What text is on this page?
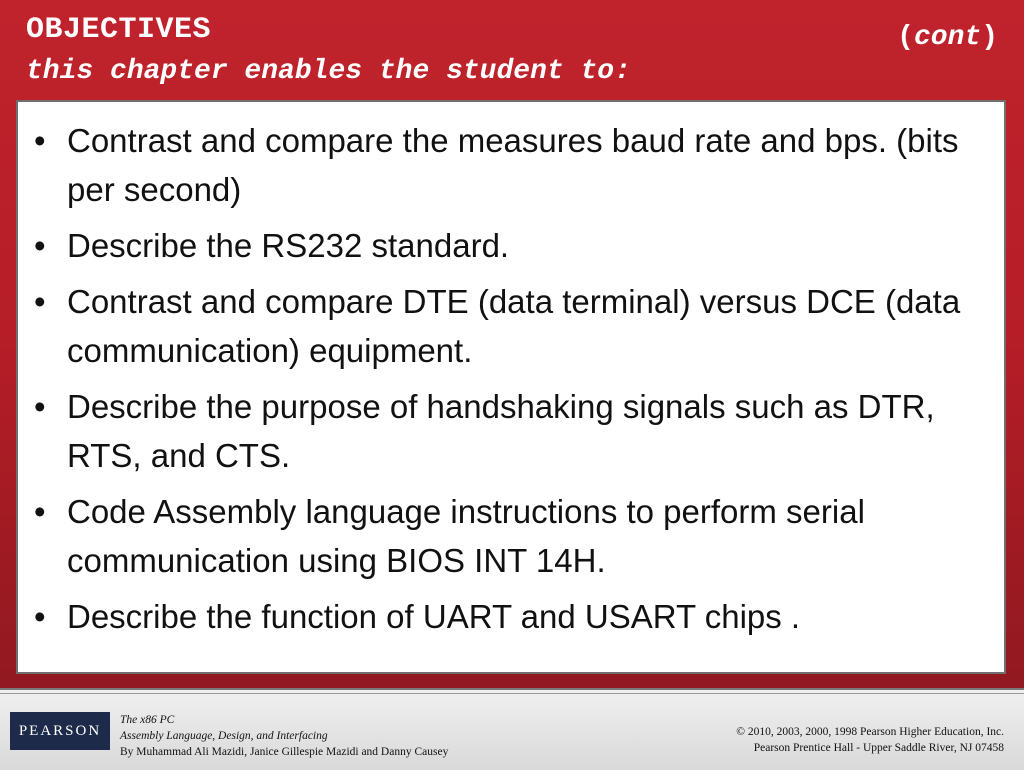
OBJECTIVES
this chapter enables the student to:
(cont)
• Contrast and compare the measures baud rate and bps. (bits per second)
• Describe the RS232 standard.
• Contrast and compare DTE (data terminal) versus DCE (data communication) equipment.
• Describe the purpose of handshaking signals such as DTR, RTS, and CTS.
• Code Assembly language instructions to perform serial communication using BIOS INT 14H.
• Describe the function of UART and USART chips .
PEARSON
The x86 PC
Assembly Language, Design, and Interfacing
By Muhammad Ali Mazidi, Janice Gillespie Mazidi and Danny Causey
© 2010, 2003, 2000, 1998 Pearson Higher Education, Inc.
Pearson Prentice Hall - Upper Saddle River, NJ 07458
